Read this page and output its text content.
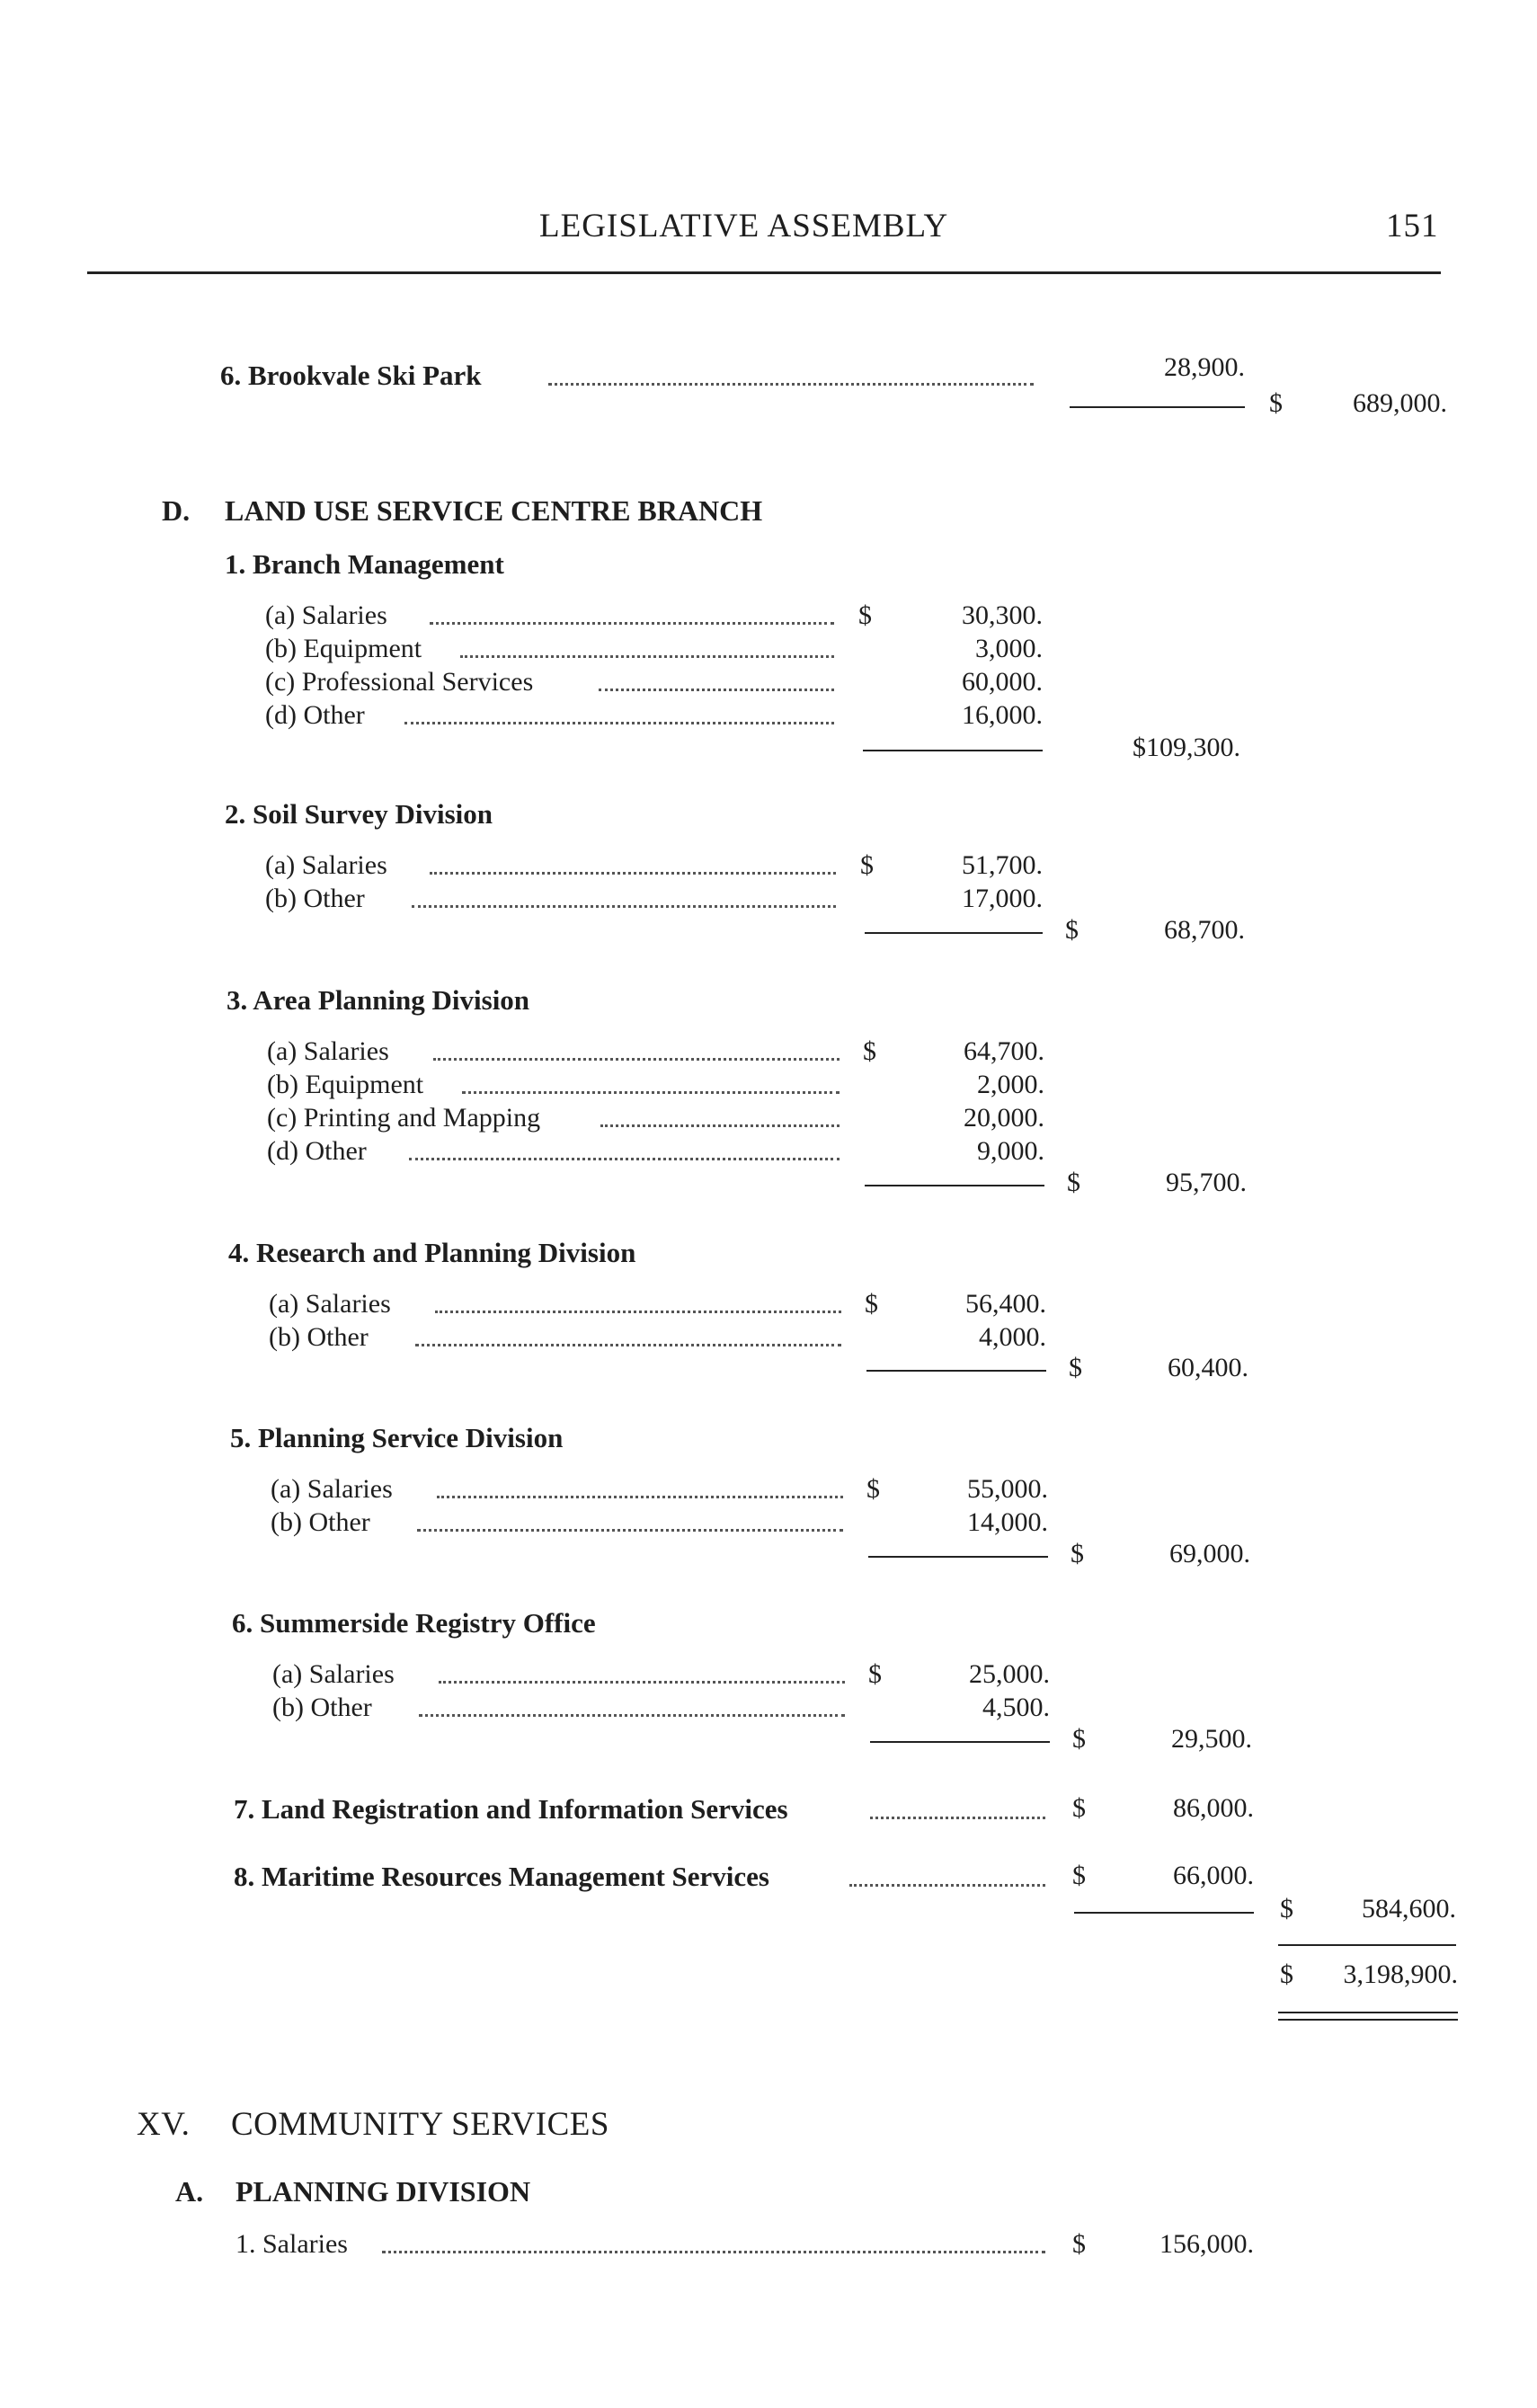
LEGISLATIVE ASSEMBLY	151
6. Brookvale Ski Park	28,900.
$	689,000.
D. LAND USE SERVICE CENTRE BRANCH
1. Branch Management
(a) Salaries	$	30,300.
(b) Equipment	3,000.
(c) Professional Services	60,000.
(d) Other	16,000.
$109,300.
2. Soil Survey Division
(a) Salaries	$	51,700.
(b) Other	17,000.
$	68,700.
3. Area Planning Division
(a) Salaries	$	64,700.
(b) Equipment	2,000.
(c) Printing and Mapping	20,000.
(d) Other	9,000.
$	95,700.
4. Research and Planning Division
(a) Salaries	$	56,400.
(b) Other	4,000.
$	60,400.
5. Planning Service Division
(a) Salaries	$	55,000.
(b) Other	14,000.
$	69,000.
6. Summerside Registry Office
(a) Salaries	$	25,000.
(b) Other	4,500.
$	29,500.
7. Land Registration and Information Services	$	86,000.
8. Maritime Resources Management Services	$	66,000.
$	584,600.
$	3,198,900.
XV. COMMUNITY SERVICES
A. PLANNING DIVISION
1. Salaries	$	156,000.
